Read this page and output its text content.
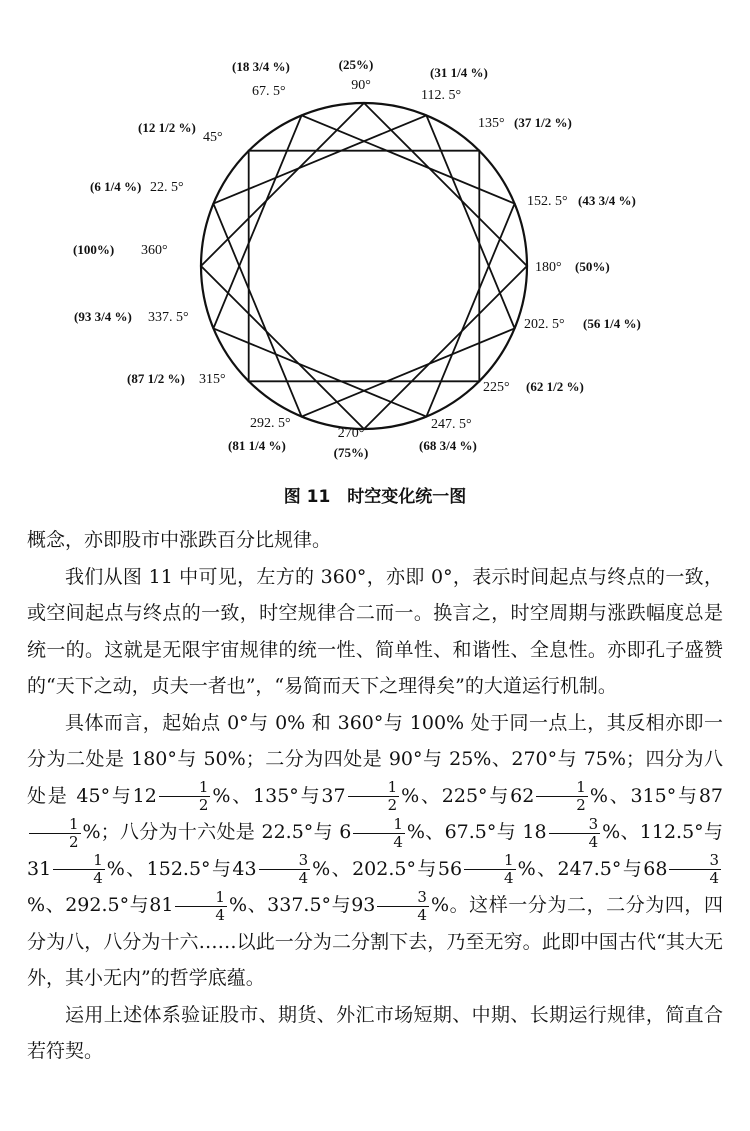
(25%)
90°
(18 3/4 %)
67. 5°
(31 1/4 %)
112. 5°
(12 1/2 %)
45°
135° (37 1/2 %)
(6 1/4 %) 22. 5°
152. 5° (43 3/4 %)
(100%) 360°
180° (50%)
(93 3/4 %) 337. 5°	202. 5° (56 1/4 %)
(87 1/2 %) 315°
225° (62 1/2 %)
292. 5°
(81 1/4 %)
247. 5°
(68 3/4 %)
270°
(75%)
图 11　时空变化统一图

概念，亦即股市中涨跌百分比规律。

我们从图 11 中可见，左方的 360°，亦即 0°，表示时间起点与终点的一致，或空间起点与终点的一致，时空规律合二而一。换言之，时空周期与涨跌幅度总是统一的。这就是无限宇宙规律的统一性、简单性、和谐性、全息性。亦即孔子盛赞的“天下之动，贞夫一者也”，“易简而天下之理得矣”的大道运行机制。

具体而言，起始点 0°与 0% 和 360°与 100% 处于同一点上，其反相亦即一分为二处是 180°与 50%；二分为四处是 90°与 25%、270°与 75%；四分为八处是 45°与$12 \frac{1}{2}$ %、135°与$37 \frac{1}{2}$ %、225°与$62 \frac{1}{2}$ %、315°与87
$\frac{1}{2}$ %；八分为十六处是 22.5°与 $6 \frac{1}{4}$ %、67.5°与 $18 \frac{3}{4}$ %、112.5°与 $31 \frac{1}{4}$ %、152.5°与$43 \frac{3}{4}$ %、202.5°与$56 \frac{1}{4}$ %、247.5°与$68 \frac{3}{4}$
%、292.5°与$81 \frac{1}{4}$ %、337.5°与$93 \frac{3}{4}$ %。这样一分为二，二分为四，四分为八，八分为十六……以此一分为二分割下去，乃至无穷。此即中国古代“其大无外，其小无内”的哲学底蕴。

运用上述体系验证股市、期货、外汇市场短期、中期、长期运行规律，简直合若符契。
